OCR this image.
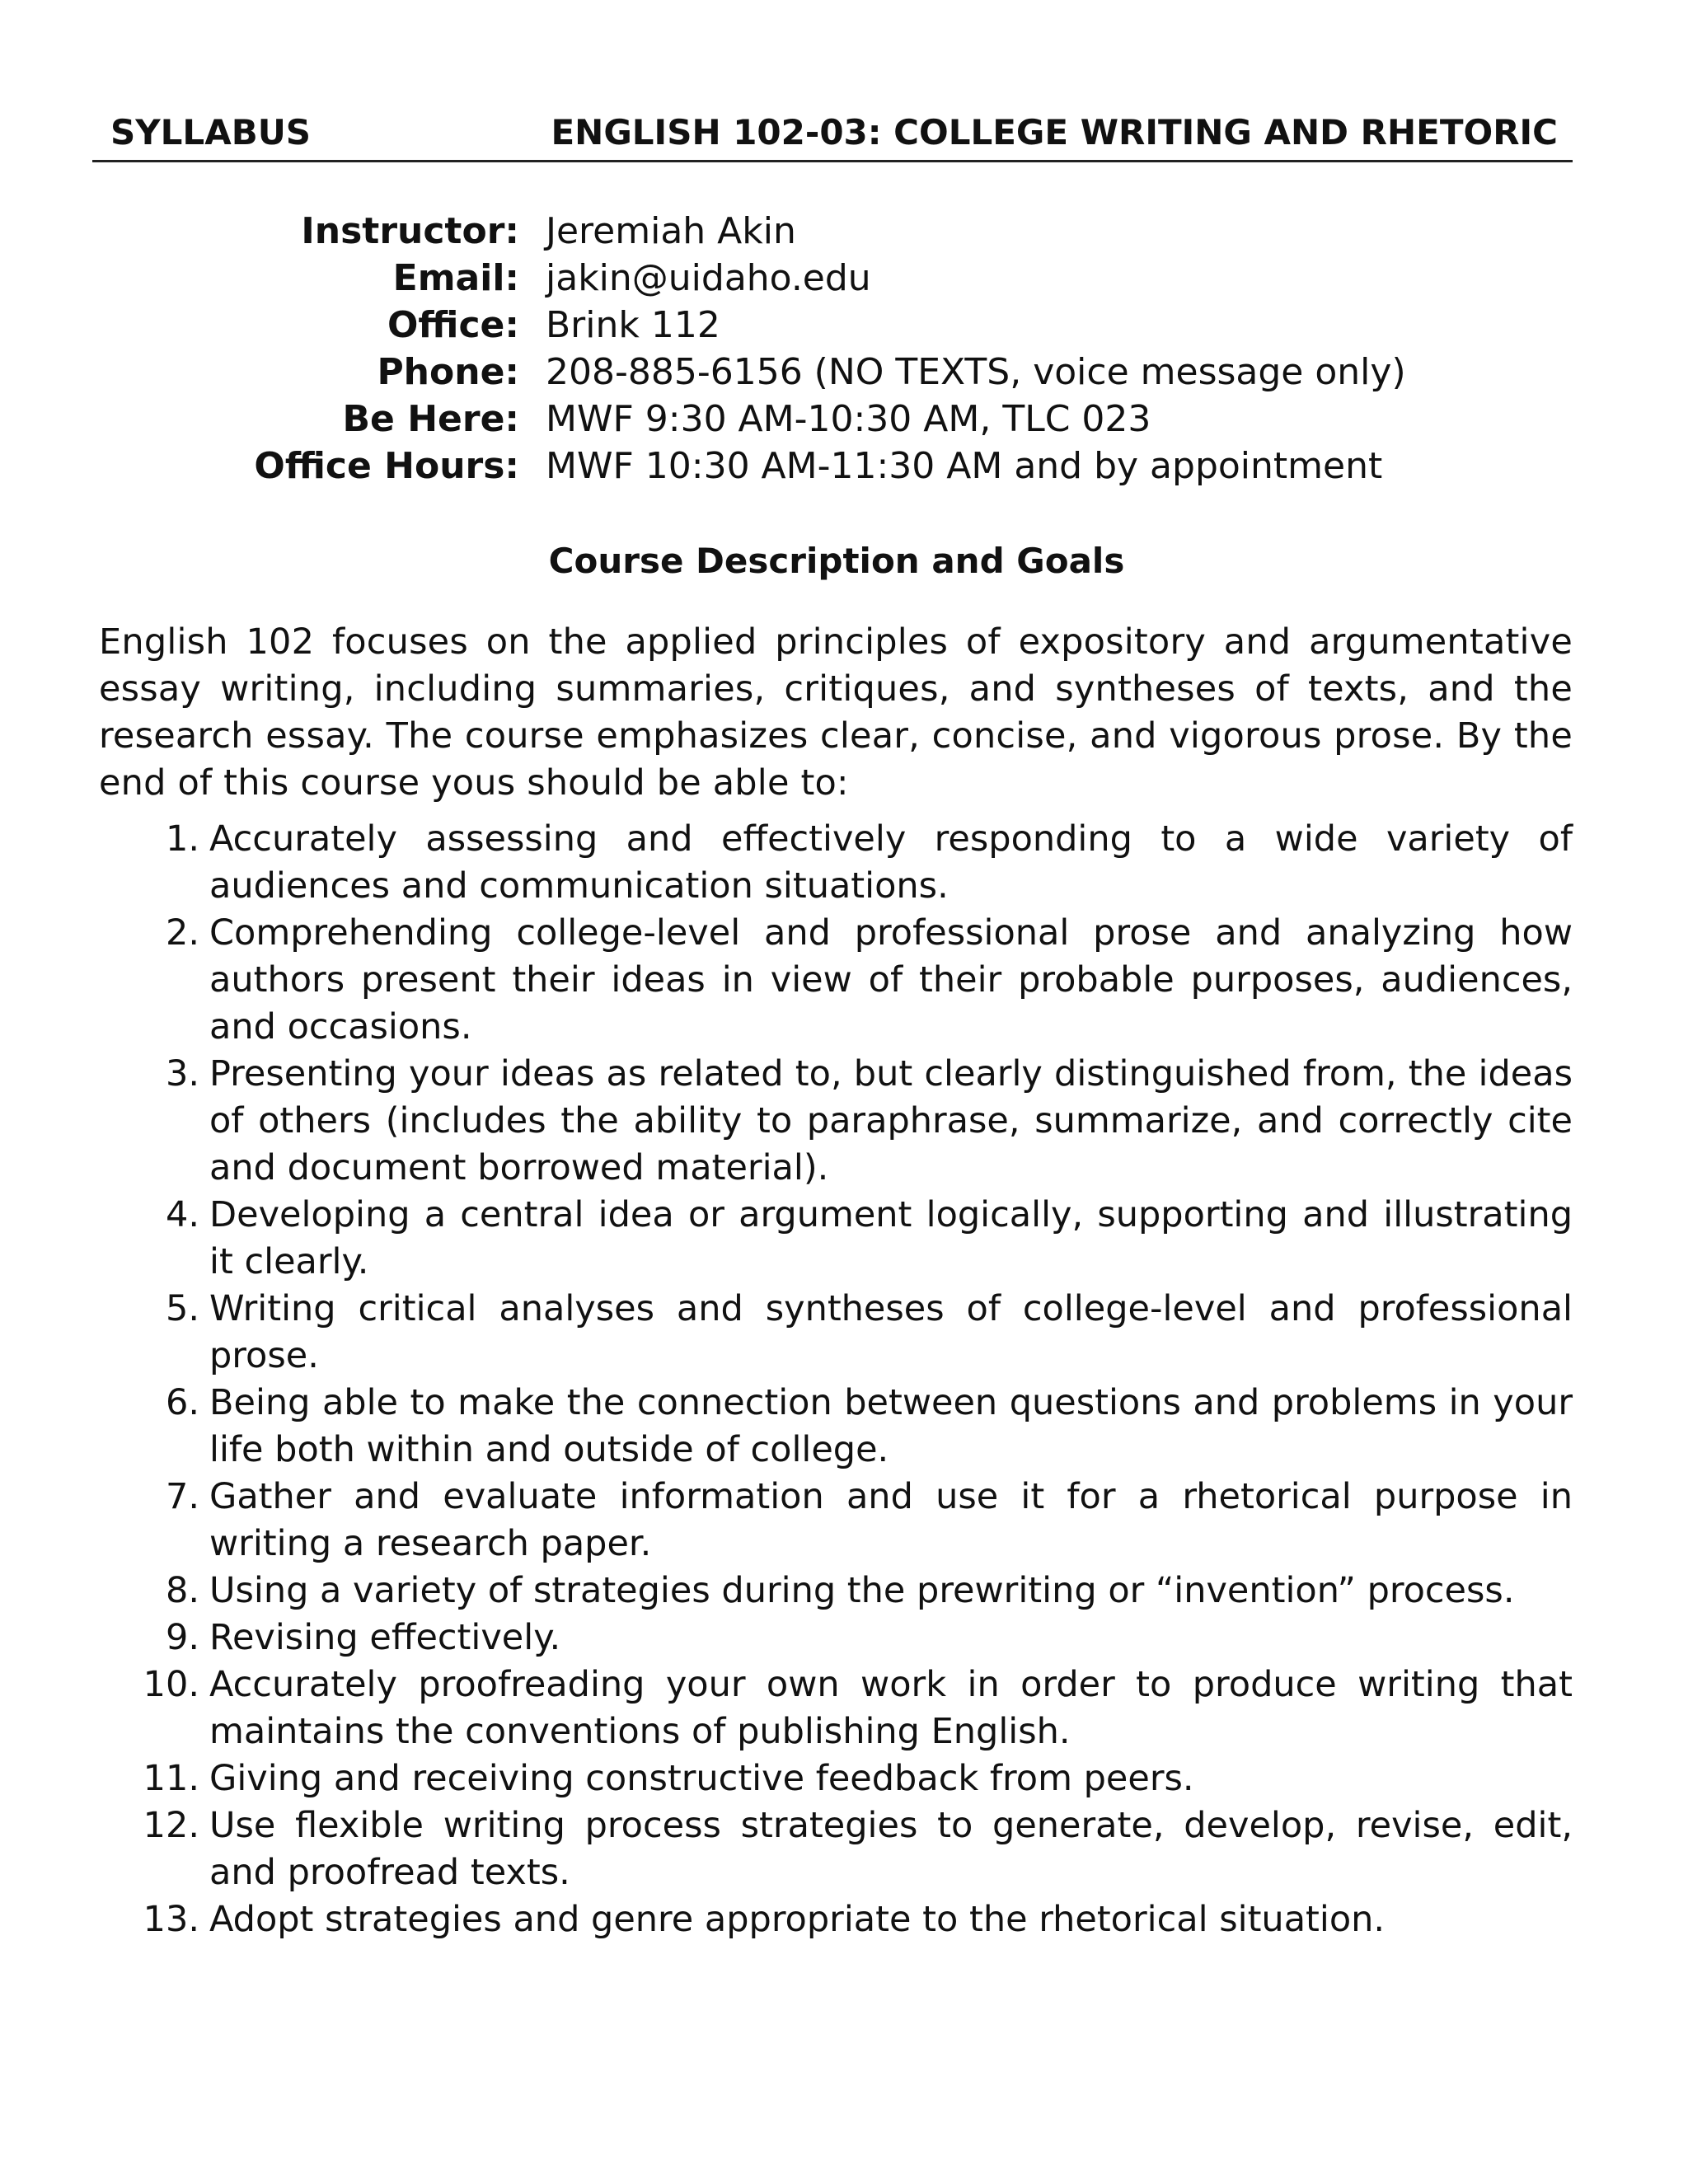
SYLLABUS	ENGLISH 102-03: COLLEGE WRITING AND RHETORIC
Instructor: Jeremiah Akin
Email: jakin@uidaho.edu
Office: Brink 112
Phone: 208-885-6156 (NO TEXTS, voice message only)
Be Here: MWF 9:30 AM-10:30 AM, TLC 023
Office Hours: MWF 10:30 AM-11:30 AM and by appointment
Course Description and Goals

English 102 focuses on the applied principles of expository and argumentative essay writing, including summaries, critiques, and syntheses of texts, and the research essay. The course emphasizes clear, concise, and vigorous prose. By the end of this course yous should be able to:

1. Accurately assessing and effectively responding to a wide variety of audiences and communication situations.
2. Comprehending college-level and professional prose and analyzing how authors present their ideas in view of their probable purposes, audiences, and occasions.
3. Presenting your ideas as related to, but clearly distinguished from, the ideas of others (includes the ability to paraphrase, summarize, and correctly cite and document borrowed material).
4. Developing a central idea or argument logically, supporting and illustrating it clearly.
5. Writing critical analyses and syntheses of college-level and professional prose.
6. Being able to make the connection between questions and problems in your life both within and outside of college.
7. Gather and evaluate information and use it for a rhetorical purpose in writing a research paper.
8. Using a variety of strategies during the prewriting or “invention” process.
9. Revising effectively.
10. Accurately proofreading your own work in order to produce writing that maintains the conventions of publishing English.
11. Giving and receiving constructive feedback from peers.
12. Use flexible writing process strategies to generate, develop, revise, edit, and proofread texts.
13. Adopt strategies and genre appropriate to the rhetorical situation.
